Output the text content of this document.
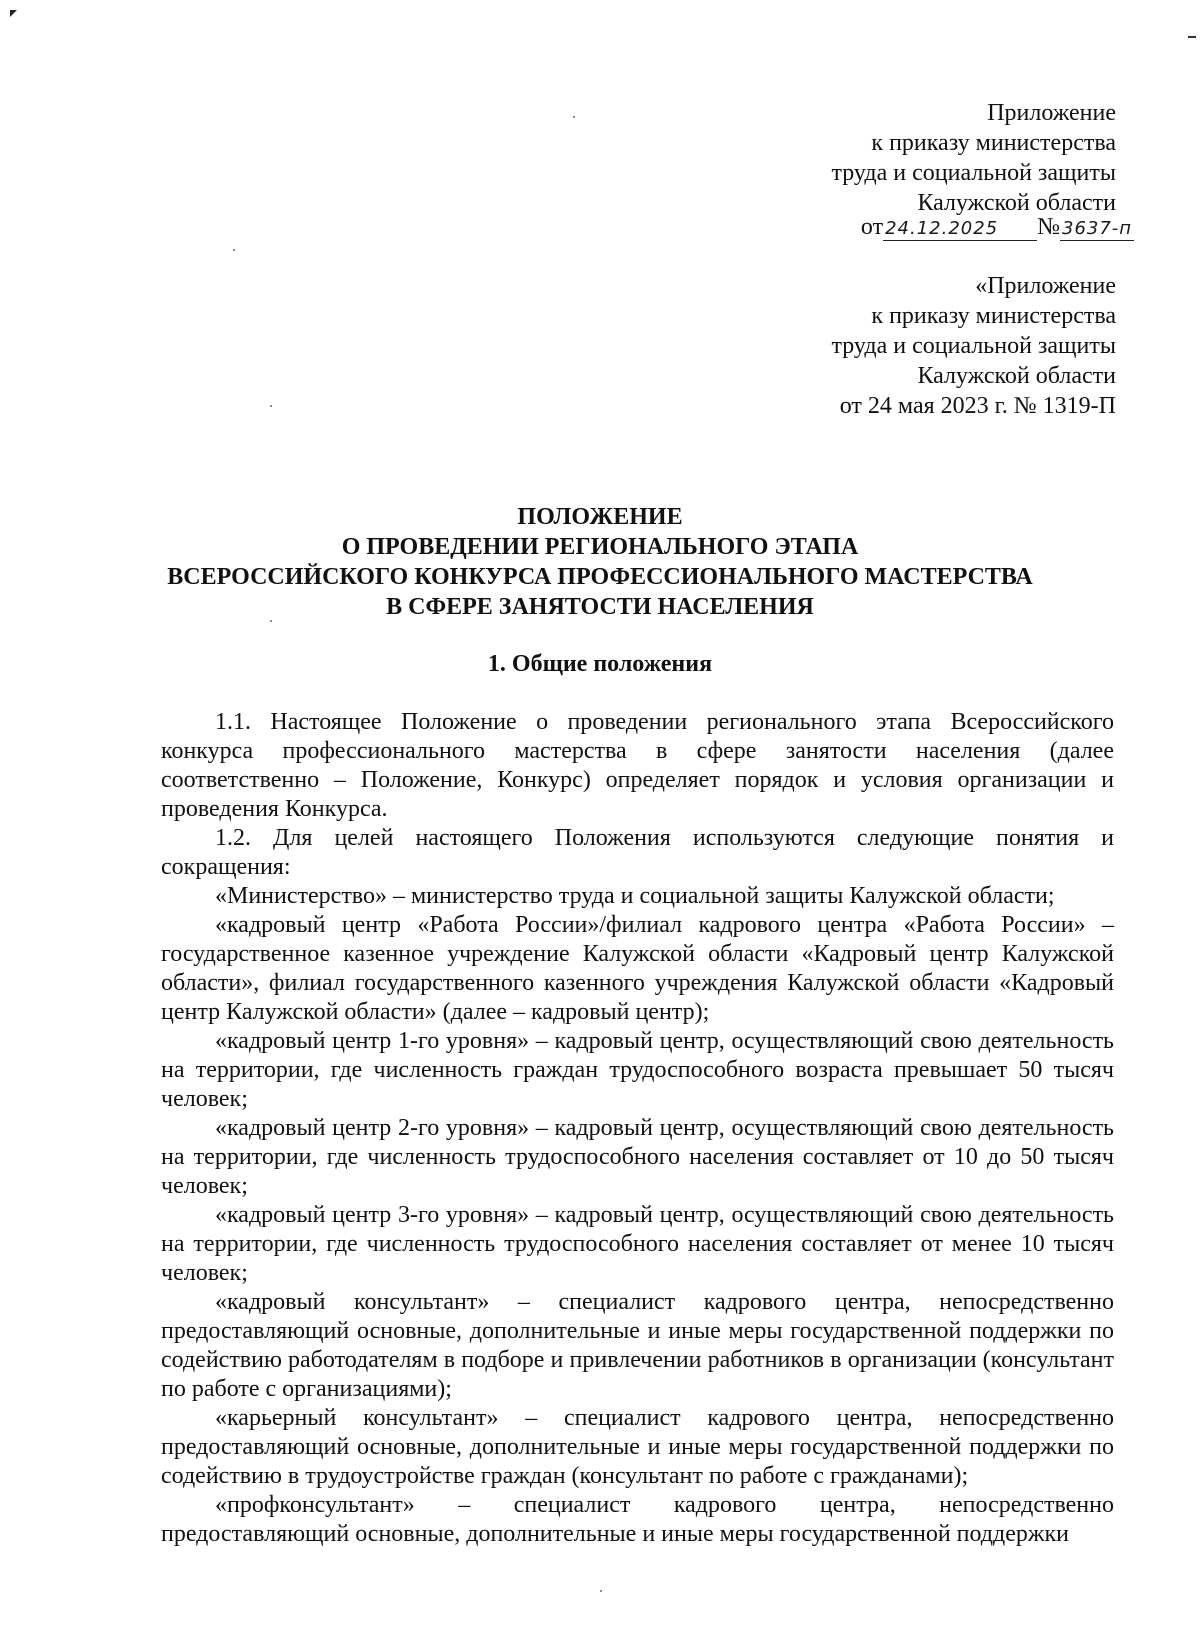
Приложение
к приказу министерства
труда и социальной защиты
Калужской области
от 24.12.2025 № 3637-п
«Приложение
к приказу министерства
труда и социальной защиты
Калужской области
от 24 мая 2023 г. № 1319-П
ПОЛОЖЕНИЕ
О ПРОВЕДЕНИИ РЕГИОНАЛЬНОГО ЭТАПА
ВСЕРОССИЙСКОГО КОНКУРСА ПРОФЕССИОНАЛЬНОГО МАСТЕРСТВА
В СФЕРЕ ЗАНЯТОСТИ НАСЕЛЕНИЯ
1. Общие положения

1.1. Настоящее Положение о проведении регионального этапа Всероссийского конкурса профессионального мастерства в сфере занятости населения (далее соответственно – Положение, Конкурс) определяет порядок и условия организации и проведения Конкурса.

1.2. Для целей настоящего Положения используются следующие понятия и сокращения:

«Министерство» – министерство труда и социальной защиты Калужской области;

«кадровый центр «Работа России»/филиал кадрового центра «Работа России» – государственное казенное учреждение Калужской области «Кадровый центр Калужской области», филиал государственного казенного учреждения Калужской области «Кадровый центр Калужской области» (далее – кадровый центр);

«кадровый центр 1-го уровня» – кадровый центр, осуществляющий свою деятельность на территории, где численность граждан трудоспособного возраста превышает 50 тысяч человек;

«кадровый центр 2-го уровня» – кадровый центр, осуществляющий свою деятельность на территории, где численность трудоспособного населения составляет от 10 до 50 тысяч человек;

«кадровый центр 3-го уровня» – кадровый центр, осуществляющий свою деятельность на территории, где численность трудоспособного населения составляет от менее 10 тысяч человек;

«кадровый консультант» – специалист кадрового центра, непосредственно предоставляющий основные, дополнительные и иные меры государственной поддержки по содействию работодателям в подборе и привлечении работников в организации (консультант по работе с организациями);

«карьерный консультант» – специалист кадрового центра, непосредственно предоставляющий основные, дополнительные и иные меры государственной поддержки по содействию в трудоустройстве граждан (консультант по работе с гражданами);

«профконсультант» – специалист кадрового центра, непосредственно предоставляющий основные, дополнительные и иные меры государственной поддержки
